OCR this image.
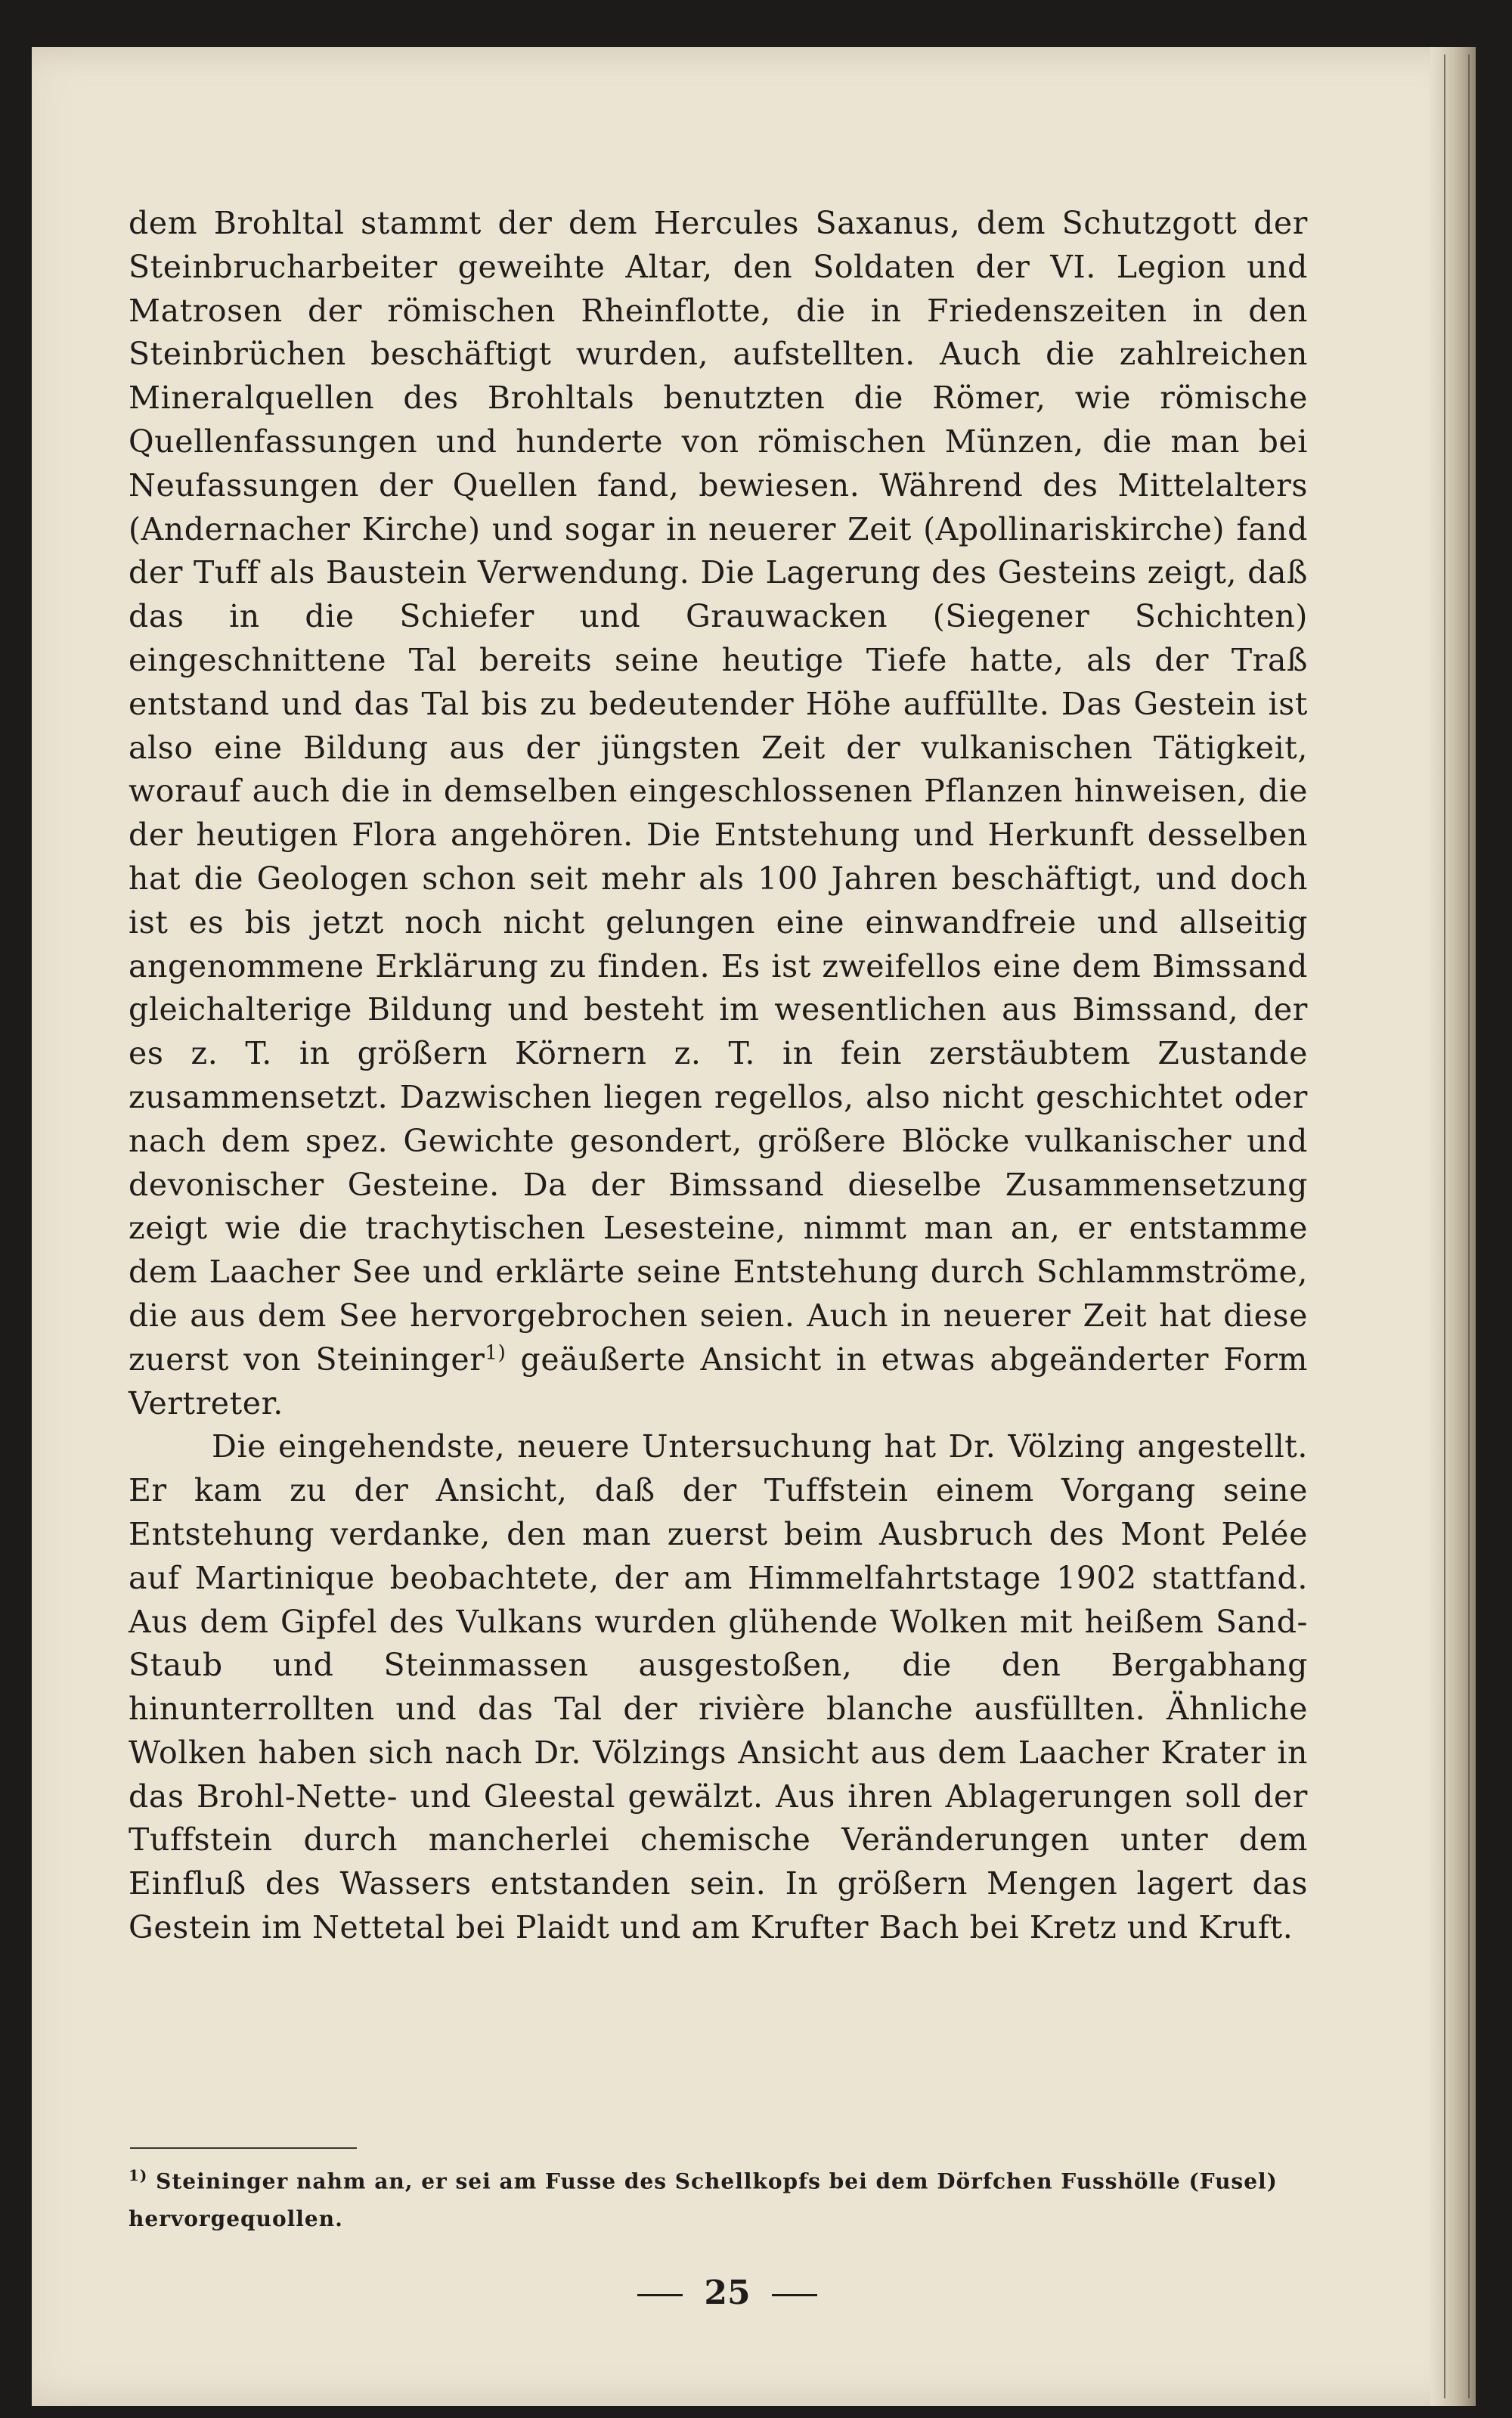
dem Brohltal stammt der dem Hercules Saxanus, dem Schutzgott der Steinbrucharbeiter geweihte Altar, den Soldaten der VI. Legion und Matrosen der römischen Rheinflotte, die in Friedenszeiten in den Steinbrüchen beschäftigt wurden, aufstellten. Auch die zahlreichen Mineralquellen des Brohltals benutzten die Römer, wie römische Quellenfassungen und hunderte von römischen Münzen, die man bei Neufassungen der Quellen fand, bewiesen. Während des Mittelalters (Andernacher Kirche) und sogar in neuerer Zeit (Apollinariskirche) fand der Tuff als Baustein Verwendung. Die Lagerung des Gesteins zeigt, daß das in die Schiefer und Grauwacken (Siegener Schichten) eingeschnittene Tal bereits seine heutige Tiefe hatte, als der Traß entstand und das Tal bis zu bedeutender Höhe auffüllte. Das Gestein ist also eine Bildung aus der jüngsten Zeit der vulkanischen Tätigkeit, worauf auch die in demselben eingeschlossenen Pflanzen hinweisen, die der heutigen Flora angehören. Die Entstehung und Herkunft desselben hat die Geologen schon seit mehr als 100 Jahren beschäftigt, und doch ist es bis jetzt noch nicht gelungen eine einwandfreie und allseitig angenommene Erklärung zu finden. Es ist zweifellos eine dem Bimssand gleichalterige Bildung und besteht im wesentlichen aus Bimssand, der es z. T. in größern Körnern z. T. in fein zerstäubtem Zustande zusammensetzt. Dazwischen liegen regellos, also nicht geschichtet oder nach dem spez. Gewichte gesondert, größere Blöcke vulkanischer und devonischer Gesteine. Da der Bimssand dieselbe Zusammensetzung zeigt wie die trachytischen Lesesteine, nimmt man an, er entstamme dem Laacher See und erklärte seine Entstehung durch Schlammströme, die aus dem See hervorgebrochen seien. Auch in neuerer Zeit hat diese zuerst von Steininger$^{1)}$ geäußerte Ansicht in etwas abgeänderter Form Vertreter.

Die eingehendste, neuere Untersuchung hat Dr. Völzing angestellt. Er kam zu der Ansicht, daß der Tuffstein einem Vorgang seine Entstehung verdanke, den man zuerst beim Ausbruch des Mont Pelée auf Martinique beobachtete, der am Himmelfahrtstage 1902 stattfand. Aus dem Gipfel des Vulkans wurden glühende Wolken mit heißem Sand-Staub und Steinmassen ausgestoßen, die den Bergabhang hinunterrollten und das Tal der rivière blanche ausfüllten. Ähnliche Wolken haben sich nach Dr. Völzings Ansicht aus dem Laacher Krater in das Brohl-Nette- und Gleestal gewälzt. Aus ihren Ablagerungen soll der Tuffstein durch mancherlei chemische Veränderungen unter dem Einfluß des Wassers entstanden sein. In größern Mengen lagert das Gestein im Nettetal bei Plaidt und am Krufter Bach bei Kretz und Kruft.

$^{1)}$ Steininger nahm an, er sei am Fusse des Schellkopfs bei dem Dörfchen Fusshölle (Fusel) hervorgequollen.
25
